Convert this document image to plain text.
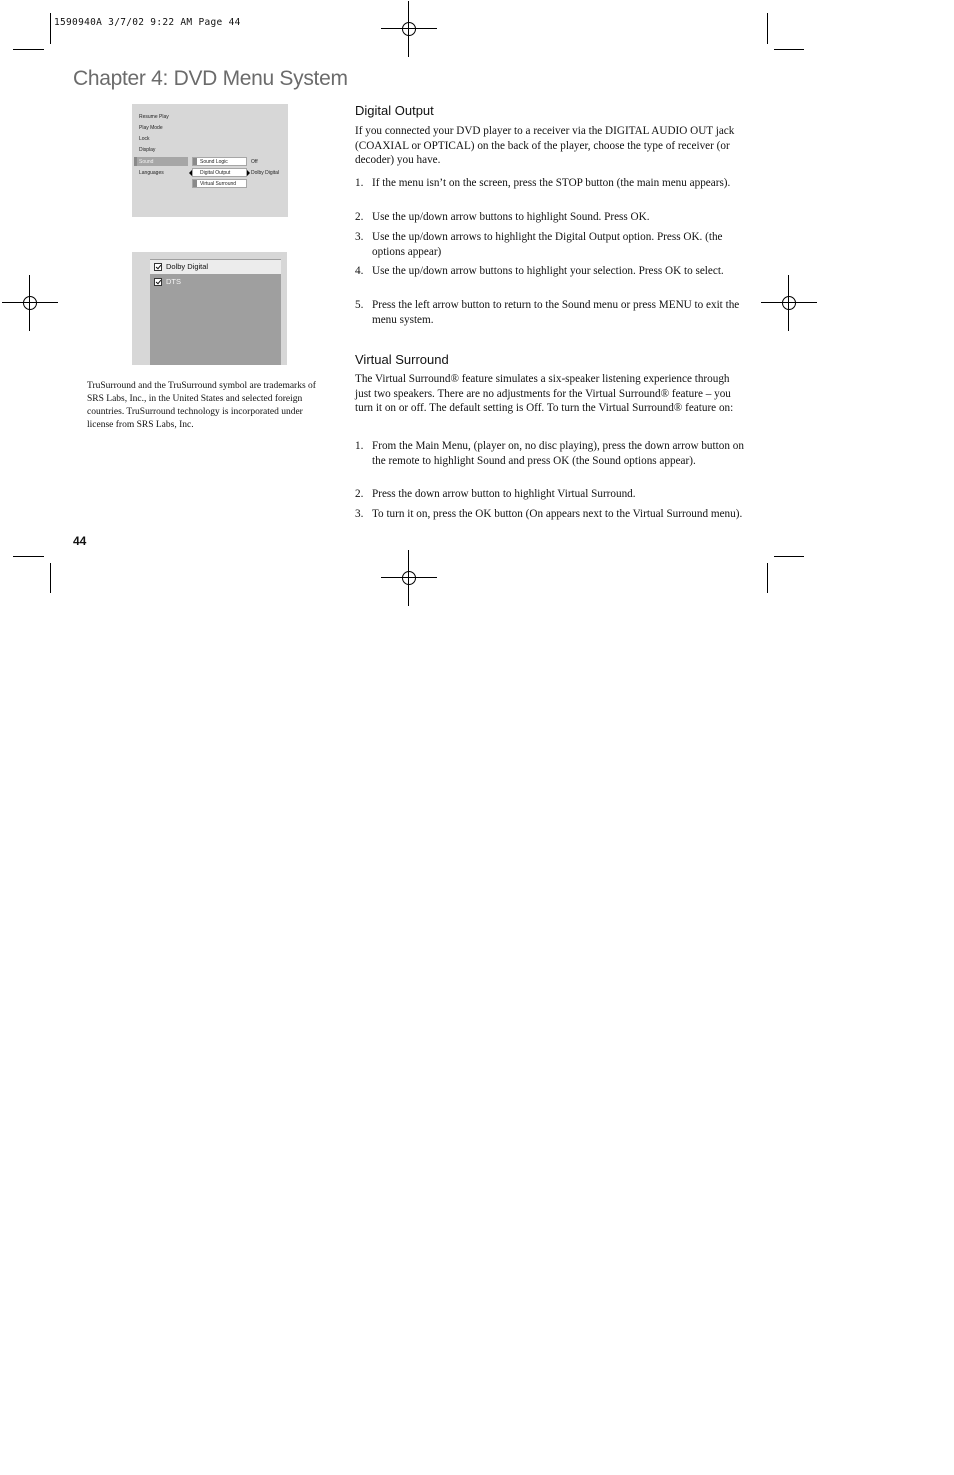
1590940A 3/7/02 9:22 AM Page 44
Chapter 4: DVD Menu System
Resume Play
Play Mode
Lock
Display
Sound
Languages
Sound Logic
Digital Output
Virtual Surround
Off
Dolby Digital
Dolby Digital
DTS
TruSurround and the TruSurround symbol are trademarks of SRS Labs, Inc., in the United States and selected foreign countries. TruSurround technology is incorporated under license from SRS Labs, Inc.
Digital Output
If you connected your DVD player to a receiver via the DIGITAL AUDIO OUT jack (COAXIAL or OPTICAL) on the back of the player, choose the type of receiver (or decoder) you have.
1. If the menu isn’t on the screen, press the STOP button (the main menu appears).
2. Use the up/down arrow buttons to highlight Sound. Press OK.
3. Use the up/down arrows to highlight the Digital Output option. Press OK. (the options appear)
4. Use the up/down arrow buttons to highlight your selection. Press OK to select.
5. Press the left arrow button to return to the Sound menu or press MENU to exit the menu system.
Virtual Surround
The Virtual Surround® feature simulates a six-speaker listening experience through just two speakers. There are no adjustments for the Virtual Surround® feature – you turn it on or off. The default setting is Off. To turn the Virtual Surround® feature on:
1. From the Main Menu, (player on, no disc playing), press the down arrow button on the remote to highlight Sound and press OK (the Sound options appear).
2. Press the down arrow button to highlight Virtual Surround.
3. To turn it on, press the OK button (On appears next to the Virtual Surround menu).
44
